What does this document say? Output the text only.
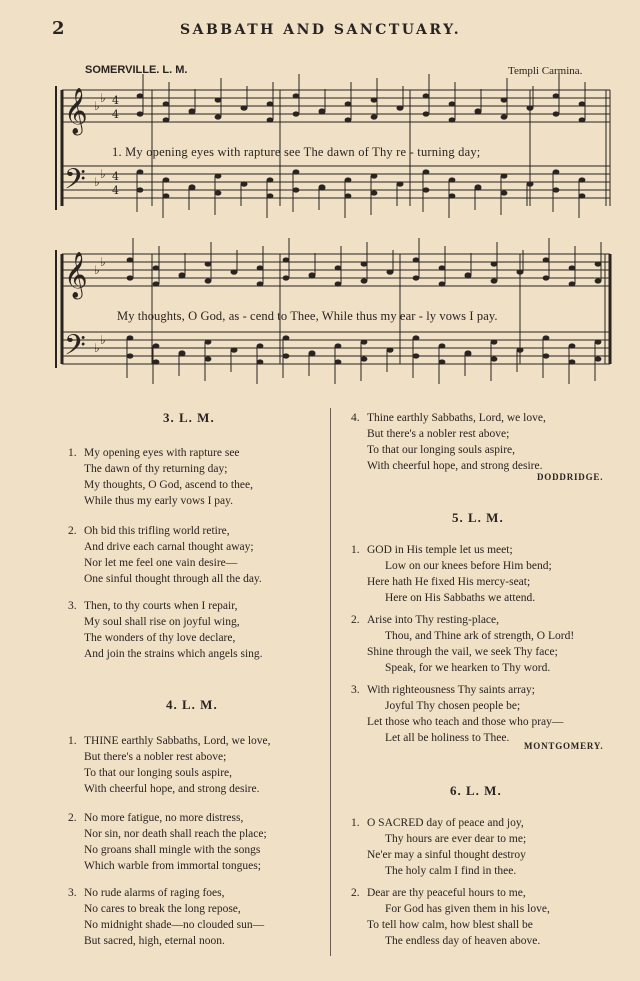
2	SABBATH AND SANCTUARY.
SOMERVILLE. L. M.	Templi Carmina.
𝄞 ♭
♭
𝄞 ♭
♭
𝄢 ♭
♭
𝄢 ♭
♭
4
4
4
4
1. My opening eyes with rapture see The dawn of Thy re - turning day;
My thoughts, O God, as - cend to Thee, While thus my ear - ly vows I pay.
3. L. M.
1. My opening eyes with rapture see
The dawn of thy returning day;
My thoughts, O God, ascend to thee,
While thus my early vows I pay.
2. Oh bid this trifling world retire,
And drive each carnal thought away;
Nor let me feel one vain desire—
One sinful thought through all the day.
3. Then, to thy courts when I repair,
My soul shall rise on joyful wing,
The wonders of thy love declare,
And join the strains which angels sing.
4. L. M.
1. THINE earthly Sabbaths, Lord, we love,
But there's a nobler rest above;
To that our longing souls aspire,
With cheerful hope, and strong desire.
2. No more fatigue, no more distress,
Nor sin, nor death shall reach the place;
No groans shall mingle with the songs
Which warble from immortal tongues;
3. No rude alarms of raging foes,
No cares to break the long repose,
No midnight shade—no clouded sun—
But sacred, high, eternal noon.
4. Thine earthly Sabbaths, Lord, we love,
But there's a nobler rest above;
To that our longing souls aspire,
With cheerful hope, and strong desire.
DODDRIDGE.
5. L. M.
1. GOD in His temple let us meet;
Low on our knees before Him bend;
Here hath He fixed His mercy-seat;
Here on His Sabbaths we attend.
2. Arise into Thy resting-place,
Thou, and Thine ark of strength, O Lord!
Shine through the vail, we seek Thy face;
Speak, for we hearken to Thy word.
3. With righteousness Thy saints array;
Joyful Thy chosen people be;
Let those who teach and those who pray—
Let all be holiness to Thee.
MONTGOMERY.
6. L. M.
1. O SACRED day of peace and joy,
Thy hours are ever dear to me;
Ne'er may a sinful thought destroy
The holy calm I find in thee.
2. Dear are thy peaceful hours to me,
For God has given them in his love,
To tell how calm, how blest shall be
The endless day of heaven above.
